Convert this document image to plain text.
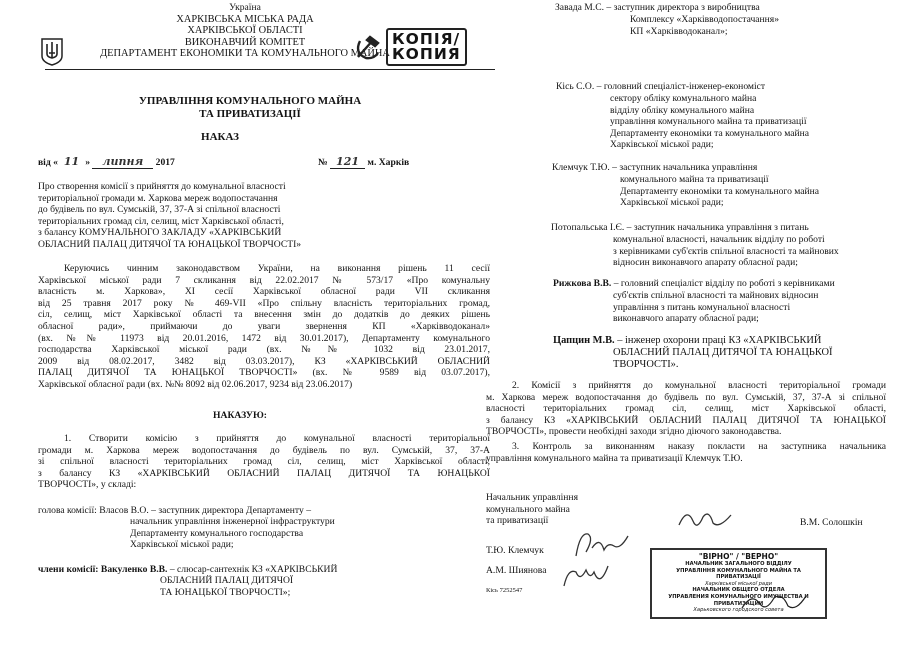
Україна
ХАРКІВСЬКА МІСЬКА РАДА
ХАРКІВСЬКОЇ ОБЛАСТІ
ВИКОНАВЧИЙ КОМІТЕТ
ДЕПАРТАМЕНТ ЕКОНОМІКИ ТА КОМУНАЛЬНОГО МАЙНА
КОПІЯ/
КОПИЯ
УПРАВЛІННЯ КОМУНАЛЬНОГО МАЙНА
ТА ПРИВАТИЗАЦІЇ
НАКАЗ
від « 11 » липня 2017	№ 121 м. Харків
Про створення комісії з прийняття до комунальної власності
територіальної громади м. Харкова мереж водопостачання
до будівель по вул. Сумській, 37, 37-А зі спільної власності
територіальних громад сіл, селищ, міст Харківської області,
з балансу КОМУНАЛЬНОГО ЗАКЛАДУ «ХАРКІВСЬКИЙ
ОБЛАСНИЙ ПАЛАЦ ДИТЯЧОЇ ТА ЮНАЦЬКОЇ ТВОРЧОСТІ»
Керуючись чинним законодавством України, на виконання рішень 11 сесії
Харківської міської ради 7 скликання від 22.02.2017 № 573/17 «Про комунальну
власність м. Харкова», XI сесії Харківської обласної ради VII скликання
від 25 травня 2017 року № 469-VII «Про спільну власність територіальних громад,
сіл, селищ, міст Харківської області та внесення змін до додатків до деяких рішень
обласної ради», приймаючи до уваги звернення КП «Харківводоканал»
(вх. №№ 11973 від 20.01.2016, 1472 від 30.01.2017), Департаменту комунального
господарства Харківської міської ради (вх. №№ 1032 від 23.01.2017,
2009 від 08.02.2017, 3482 від 03.03.2017), КЗ «ХАРКІВСЬКИЙ ОБЛАСНИЙ
ПАЛАЦ ДИТЯЧОЇ ТА ЮНАЦЬКОЇ ТВОРЧОСТІ» (вх. № 9589 від 03.07.2017),
Харківської обласної ради (вх. №№ 8092 від 02.06.2017, 9234 від 23.06.2017)
НАКАЗУЮ:
1. Створити комісію з прийняття до комунальної власності територіальної
громади м. Харкова мереж водопостачання до будівель по вул. Сумській, 37, 37-А
зі спільної власності територіальних громад сіл, селищ, міст Харківської області,
з балансу КЗ «ХАРКІВСЬКИЙ ОБЛАСНИЙ ПАЛАЦ ДИТЯЧОЇ ТА ЮНАЦЬКОЇ
ТВОРЧОСТІ», у складі:
голова комісії: Власов В.О. – заступник директора Департаменту –
начальник управління інженерної інфраструктури
Департаменту комунального господарства
Харківської міської ради;
члени комісії: Вакуленко В.В. – слюсар-сантехнік КЗ «ХАРКІВСЬКИЙ
ОБЛАСНИЙ ПАЛАЦ ДИТЯЧОЇ
ТА ЮНАЦЬКОЇ ТВОРЧОСТІ»;
Завада М.С. – заступник директора з виробництва
Комплексу «Харківводопостачання»
КП «Харківводоканал»;
Кісь С.О. – головний спеціаліст-інженер-економіст
сектору обліку комунального майна
відділу обліку комунального майна
управління комунального майна та приватизації
Департаменту економіки та комунального майна
Харківської міської ради;
Клемчук Т.Ю. – заступник начальника управління
комунального майна та приватизації
Департаменту економіки та комунального майна
Харківської міської ради;
Потопальська І.Є. – заступник начальника управління з питань
комунальної власності, начальник відділу по роботі
з керівниками суб'єктів спільної власності та майнових
відносин виконавчого апарату обласної ради;
Рижкова В.В. – головний спеціаліст відділу по роботі з керівниками
суб'єктів спільної власності та майнових відносин
управління з питань комунальної власності
виконавчого апарату обласної ради;
Цапцин М.В. – інженер охорони праці КЗ «ХАРКІВСЬКИЙ
ОБЛАСНИЙ ПАЛАЦ ДИТЯЧОЇ ТА ЮНАЦЬКОЇ
ТВОРЧОСТІ».
2. Комісії з прийняття до комунальної власності територіальної громади
м. Харкова мереж водопостачання до будівель по вул. Сумській, 37, 37-А зі спільної
власності територіальних громад сіл, селищ, міст Харківської області,
з балансу КЗ «ХАРКІВСЬКИЙ ОБЛАСНИЙ ПАЛАЦ ДИТЯЧОЇ ТА ЮНАЦЬКОЇ
ТВОРЧОСТІ», провести необхідні заходи згідно діючого законодавства.
3. Контроль за виконанням наказу покласти на заступника начальника
управління комунального майна та приватизації Клемчук Т.Ю.
Начальник управління
комунального майна
та приватизації	В.М. Солошкін
Т.Ю. Клемчук
А.М. Шиянова
Кісь 7252547
"ВІРНО" / "ВЕРНО"
НАЧАЛЬНИК ЗАГАЛЬНОГО ВІДДІЛУ
УПРАВЛІННЯ КОМУНАЛЬНОГО МАЙНА ТА ПРИВАТИЗАЦІЇ
Харківської міської ради
НАЧАЛЬНИК ОБЩЕГО ОТДЕЛА
УПРАВЛЕНИЯ КОМУНАЛЬНОГО ИМУЩЕСТВА И ПРИВАТИЗАЦИИ
Харьковского городского совета
